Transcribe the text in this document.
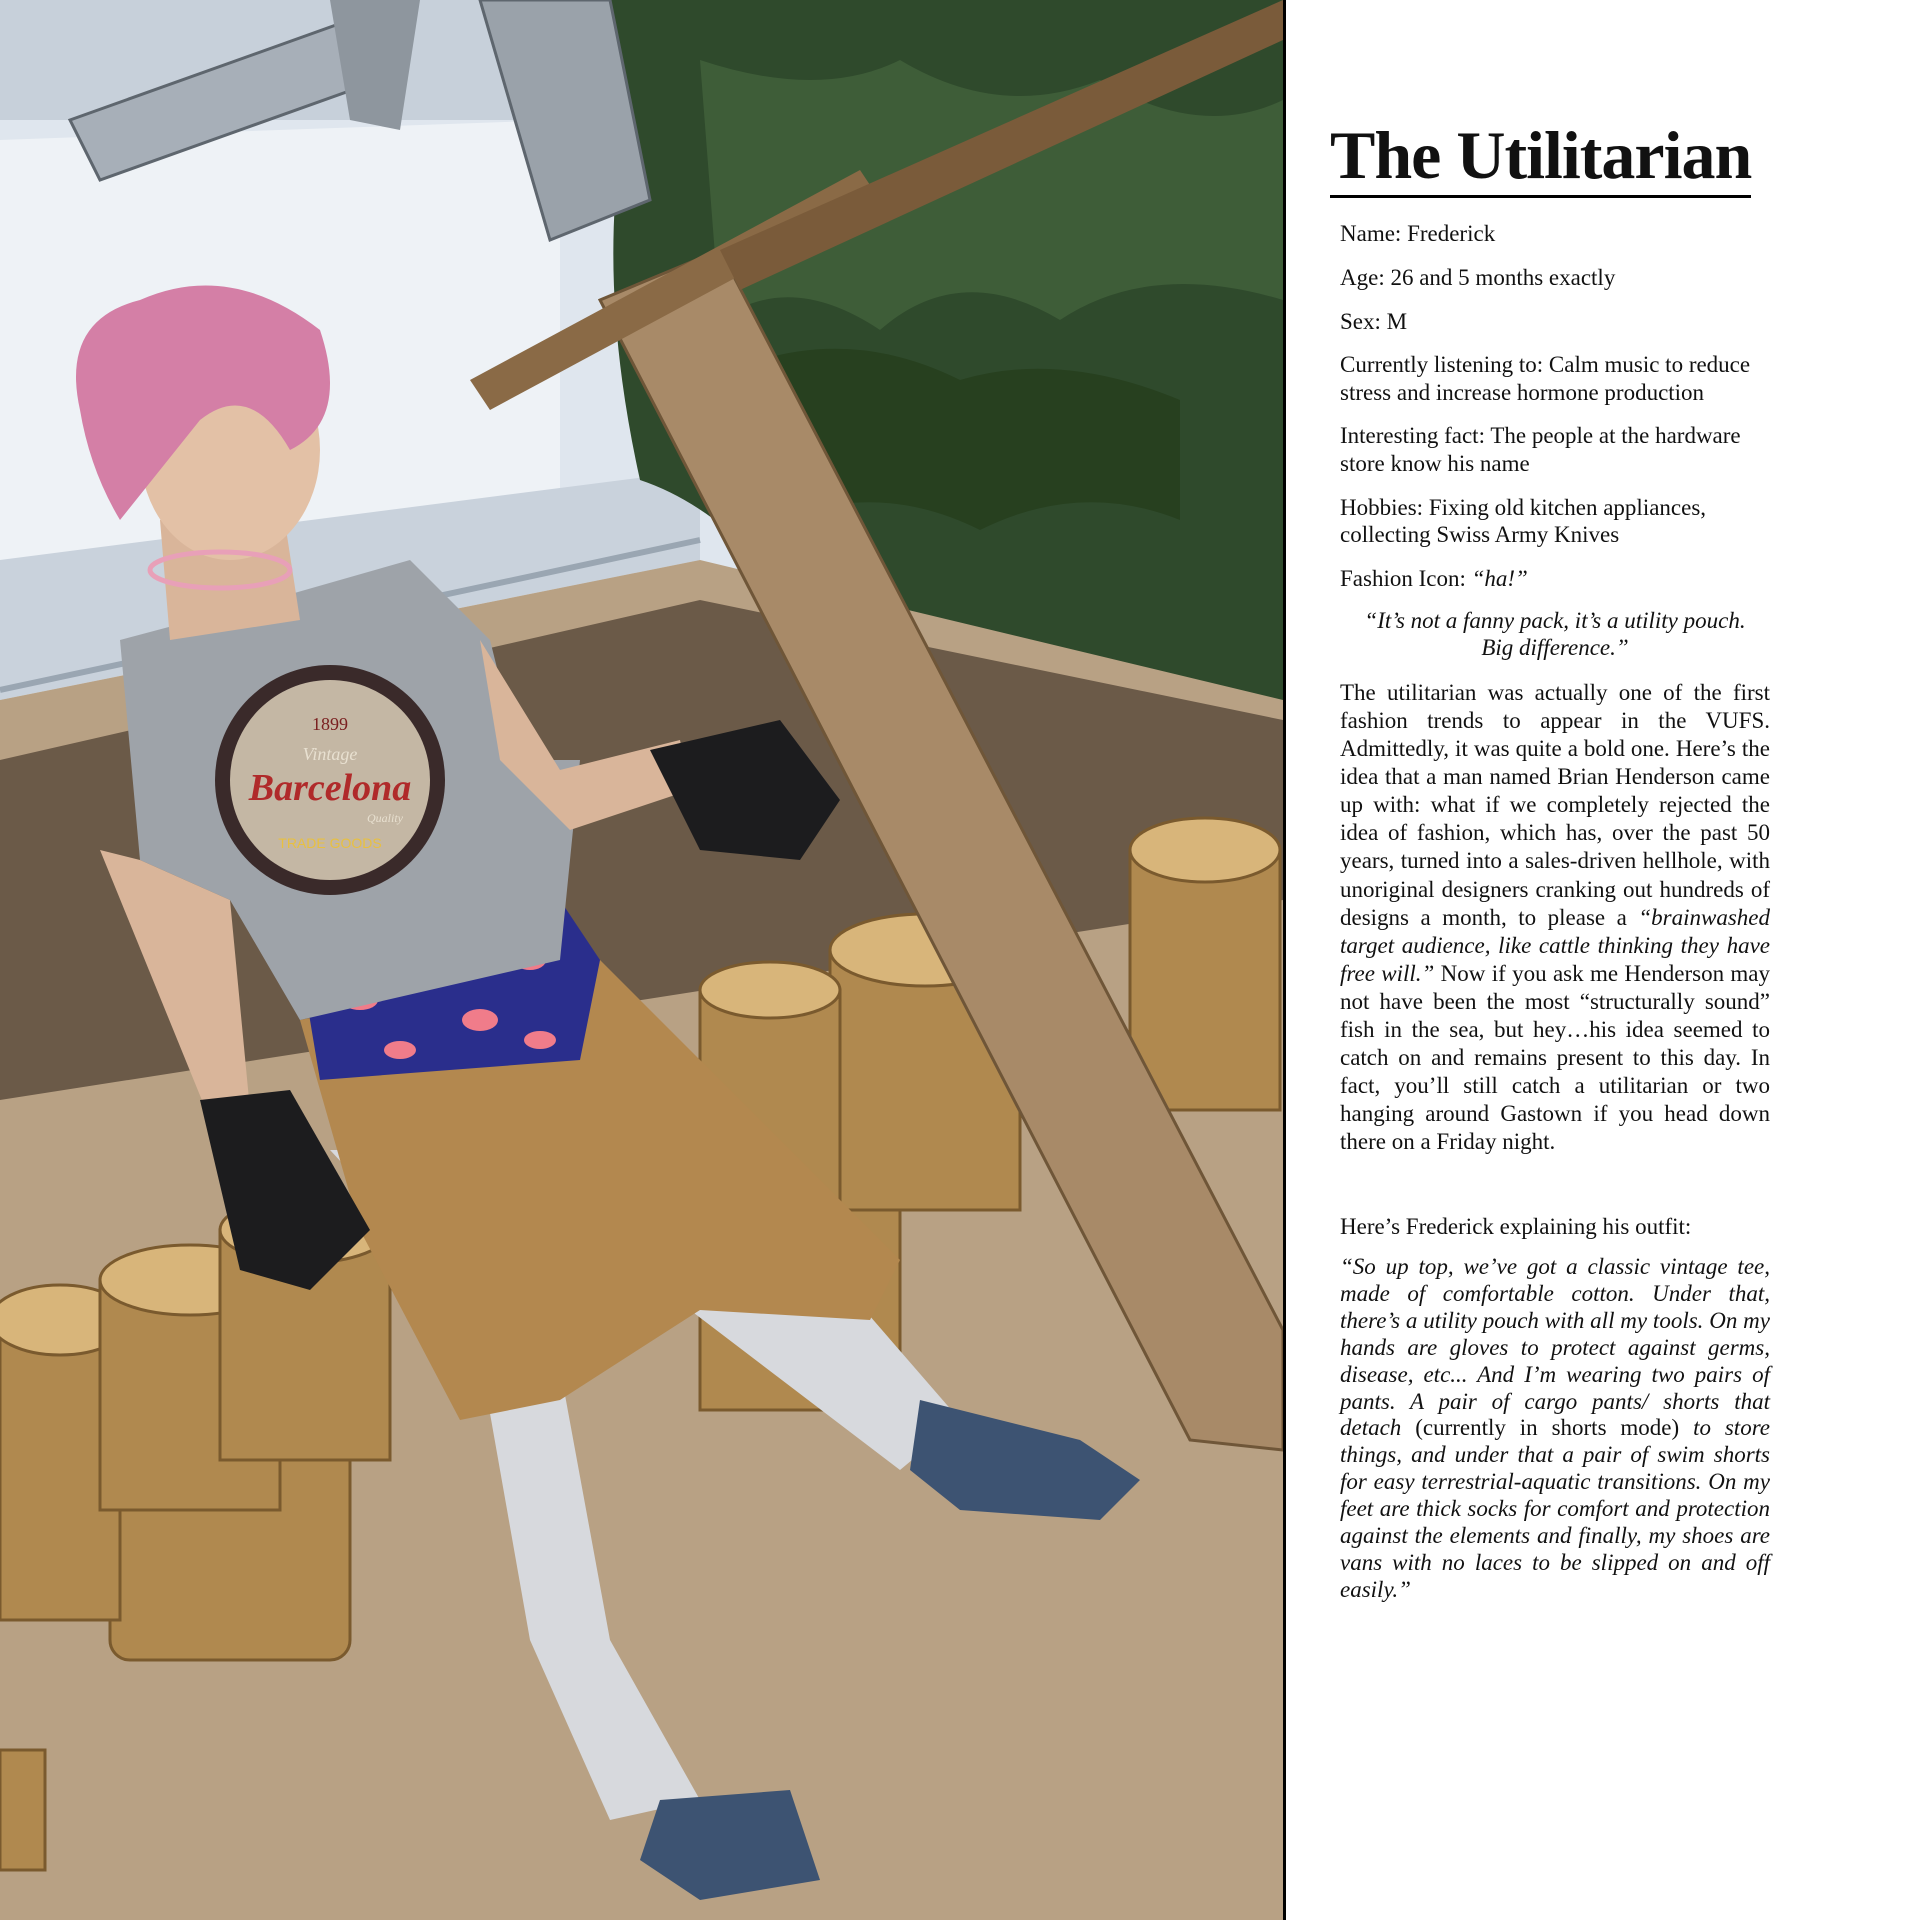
1899
Vintage
Barcelona
Quality
TRADE GOODS
The Utilitarian

Name: Frederick

Age: 26 and 5 months exactly

Sex: M

Currently listening to: Calm music to reduce stress and increase hormone production

Interesting fact: The people at the hardware store know his name

Hobbies: Fixing old kitchen appliances, collecting Swiss Army Knives

Fashion Icon: “ha!”

“It’s not a fanny pack, it’s a utility pouch.
Big difference.”

The utilitarian was actually one of the first fashion trends to appear in the VUFS. Admittedly, it was quite a bold one. Here’s the idea that a man named Brian Henderson came up with: what if we completely rejected the idea of fashion, which has, over the past 50 years, turned into a sales-driven hellhole, with unoriginal designers cranking out hundreds of designs a month, to please a “brainwashed target audience, like cattle thinking they have free will.” Now if you ask me Henderson may not have been the most “structurally sound” fish in the sea, but hey…his idea seemed to catch on and remains present to this day. In fact, you’ll still catch a utilitarian or two hanging around Gastown if you head down there on a Friday night.

Here’s Frederick explaining his outfit:

“So up top, we’ve got a classic vintage tee, made of comfortable cotton. Under that, there’s a utility pouch with all my tools. On my hands are gloves to protect against germs, disease, etc... And I’m wearing two pairs of pants. A pair of cargo pants/ shorts that detach (currently in shorts mode) to store things, and under that a pair of swim shorts for easy terrestrial-aquatic transitions. On my feet are thick socks for comfort and protection against the elements and finally, my shoes are vans with no laces to be slipped on and off easily.”
